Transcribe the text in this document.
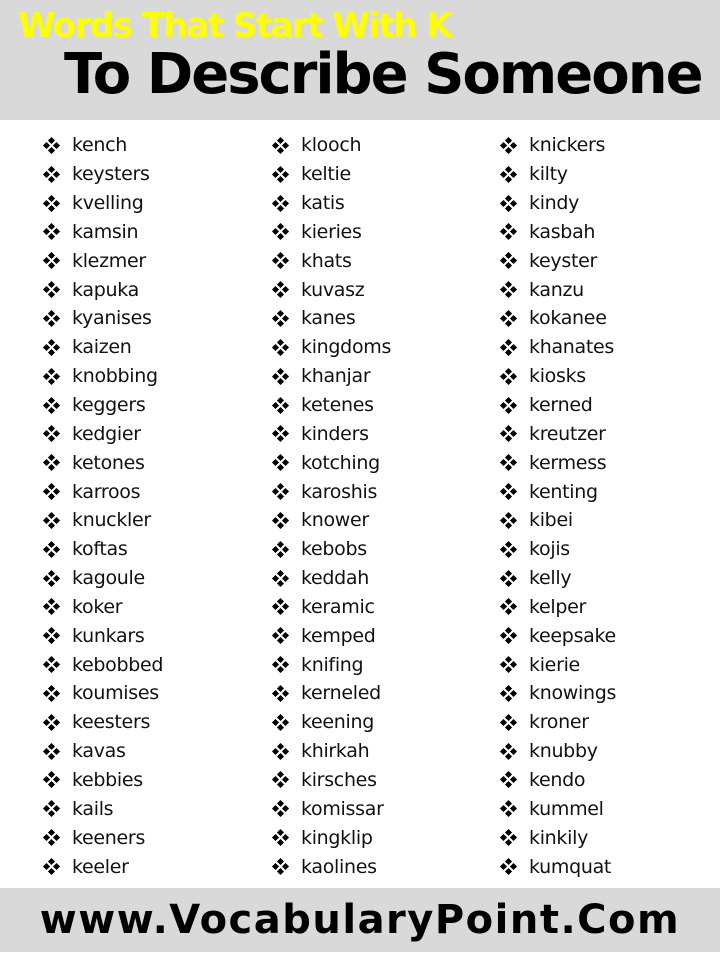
Words That Start With K
To Describe Someone
kench
keysters
kvelling
kamsin
klezmer
kapuka
kyanises
kaizen
knobbing
keggers
kedgier
ketones
karroos
knuckler
koftas
kagoule
koker
kunkars
kebobbed
koumises
keesters
kavas
kebbies
kails
keeners
keeler
klooch
keltie
katis
kieries
khats
kuvasz
kanes
kingdoms
khanjar
ketenes
kinders
kotching
karoshis
knower
kebobs
keddah
keramic
kemped
knifing
kerneled
keening
khirkah
kirsches
komissar
kingklip
kaolines
knickers
kilty
kindy
kasbah
keyster
kanzu
kokanee
khanates
kiosks
kerned
kreutzer
kermess
kenting
kibei
kojis
kelly
kelper
keepsake
kierie
knowings
kroner
knubby
kendo
kummel
kinkily
kumquat
www.VocabularyPoint.Com
